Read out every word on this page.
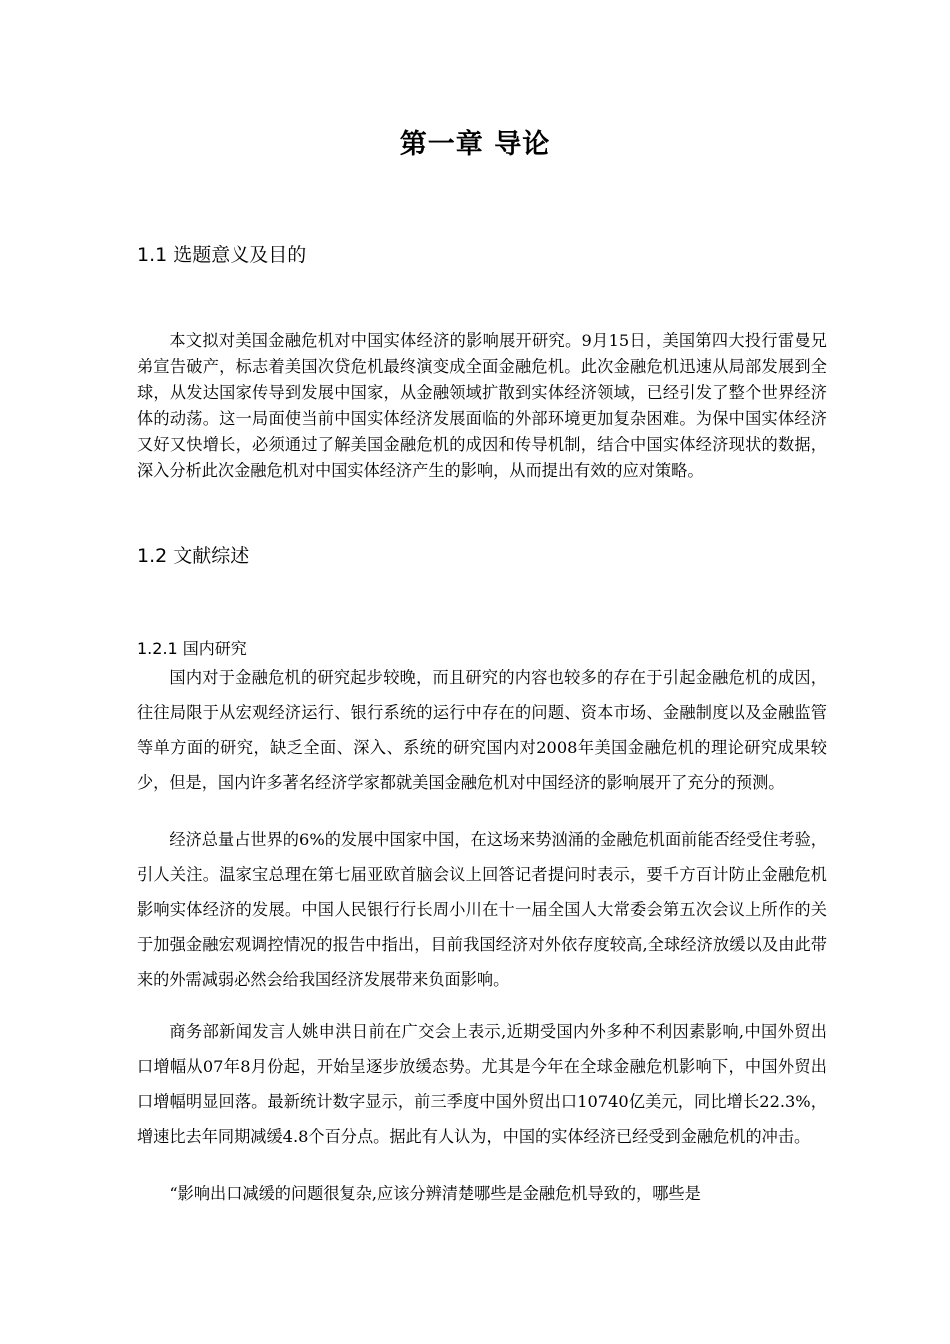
第一章 导论
1.1 选题意义及目的

本文拟对美国金融危机对中国实体经济的影响展开研究。9月15日，美国第四大投行雷曼兄弟宣告破产，标志着美国次贷危机最终演变成全面金融危机。此次金融危机迅速从局部发展到全球，从发达国家传导到发展中国家，从金融领域扩散到实体经济领域，已经引发了整个世界经济体的动荡。这一局面使当前中国实体经济发展面临的外部环境更加复杂困难。为保中国实体经济又好又快增长，必须通过了解美国金融危机的成因和传导机制，结合中国实体经济现状的数据，深入分析此次金融危机对中国实体经济产生的影响，从而提出有效的应对策略。

1.2 文献综述
1.2.1 国内研究

国内对于金融危机的研究起步较晚，而且研究的内容也较多的存在于引起金融危机的成因，往往局限于从宏观经济运行、银行系统的运行中存在的问题、资本市场、金融制度以及金融监管等单方面的研究，缺乏全面、深入、系统的研究国内对2008年美国金融危机的理论研究成果较少，但是，国内许多著名经济学家都就美国金融危机对中国经济的影响展开了充分的预测。

经济总量占世界的6%的发展中国家中国，在这场来势汹涌的金融危机面前能否经受住考验，引人关注。温家宝总理在第七届亚欧首脑会议上回答记者提问时表示，要千方百计防止金融危机影响实体经济的发展。中国人民银行行长周小川在十一届全国人大常委会第五次会议上所作的关于加强金融宏观调控情况的报告中指出，目前我国经济对外依存度较高,全球经济放缓以及由此带来的外需减弱必然会给我国经济发展带来负面影响。

商务部新闻发言人姚申洪日前在广交会上表示,近期受国内外多种不利因素影响,中国外贸出口增幅从07年8月份起，开始呈逐步放缓态势。尤其是今年在全球金融危机影响下，中国外贸出口增幅明显回落。最新统计数字显示，前三季度中国外贸出口10740亿美元，同比增长22.3%，增速比去年同期减缓4.8个百分点。据此有人认为，中国的实体经济已经受到金融危机的冲击。

“影响出口减缓的问题很复杂,应该分辨清楚哪些是金融危机导致的，哪些是
